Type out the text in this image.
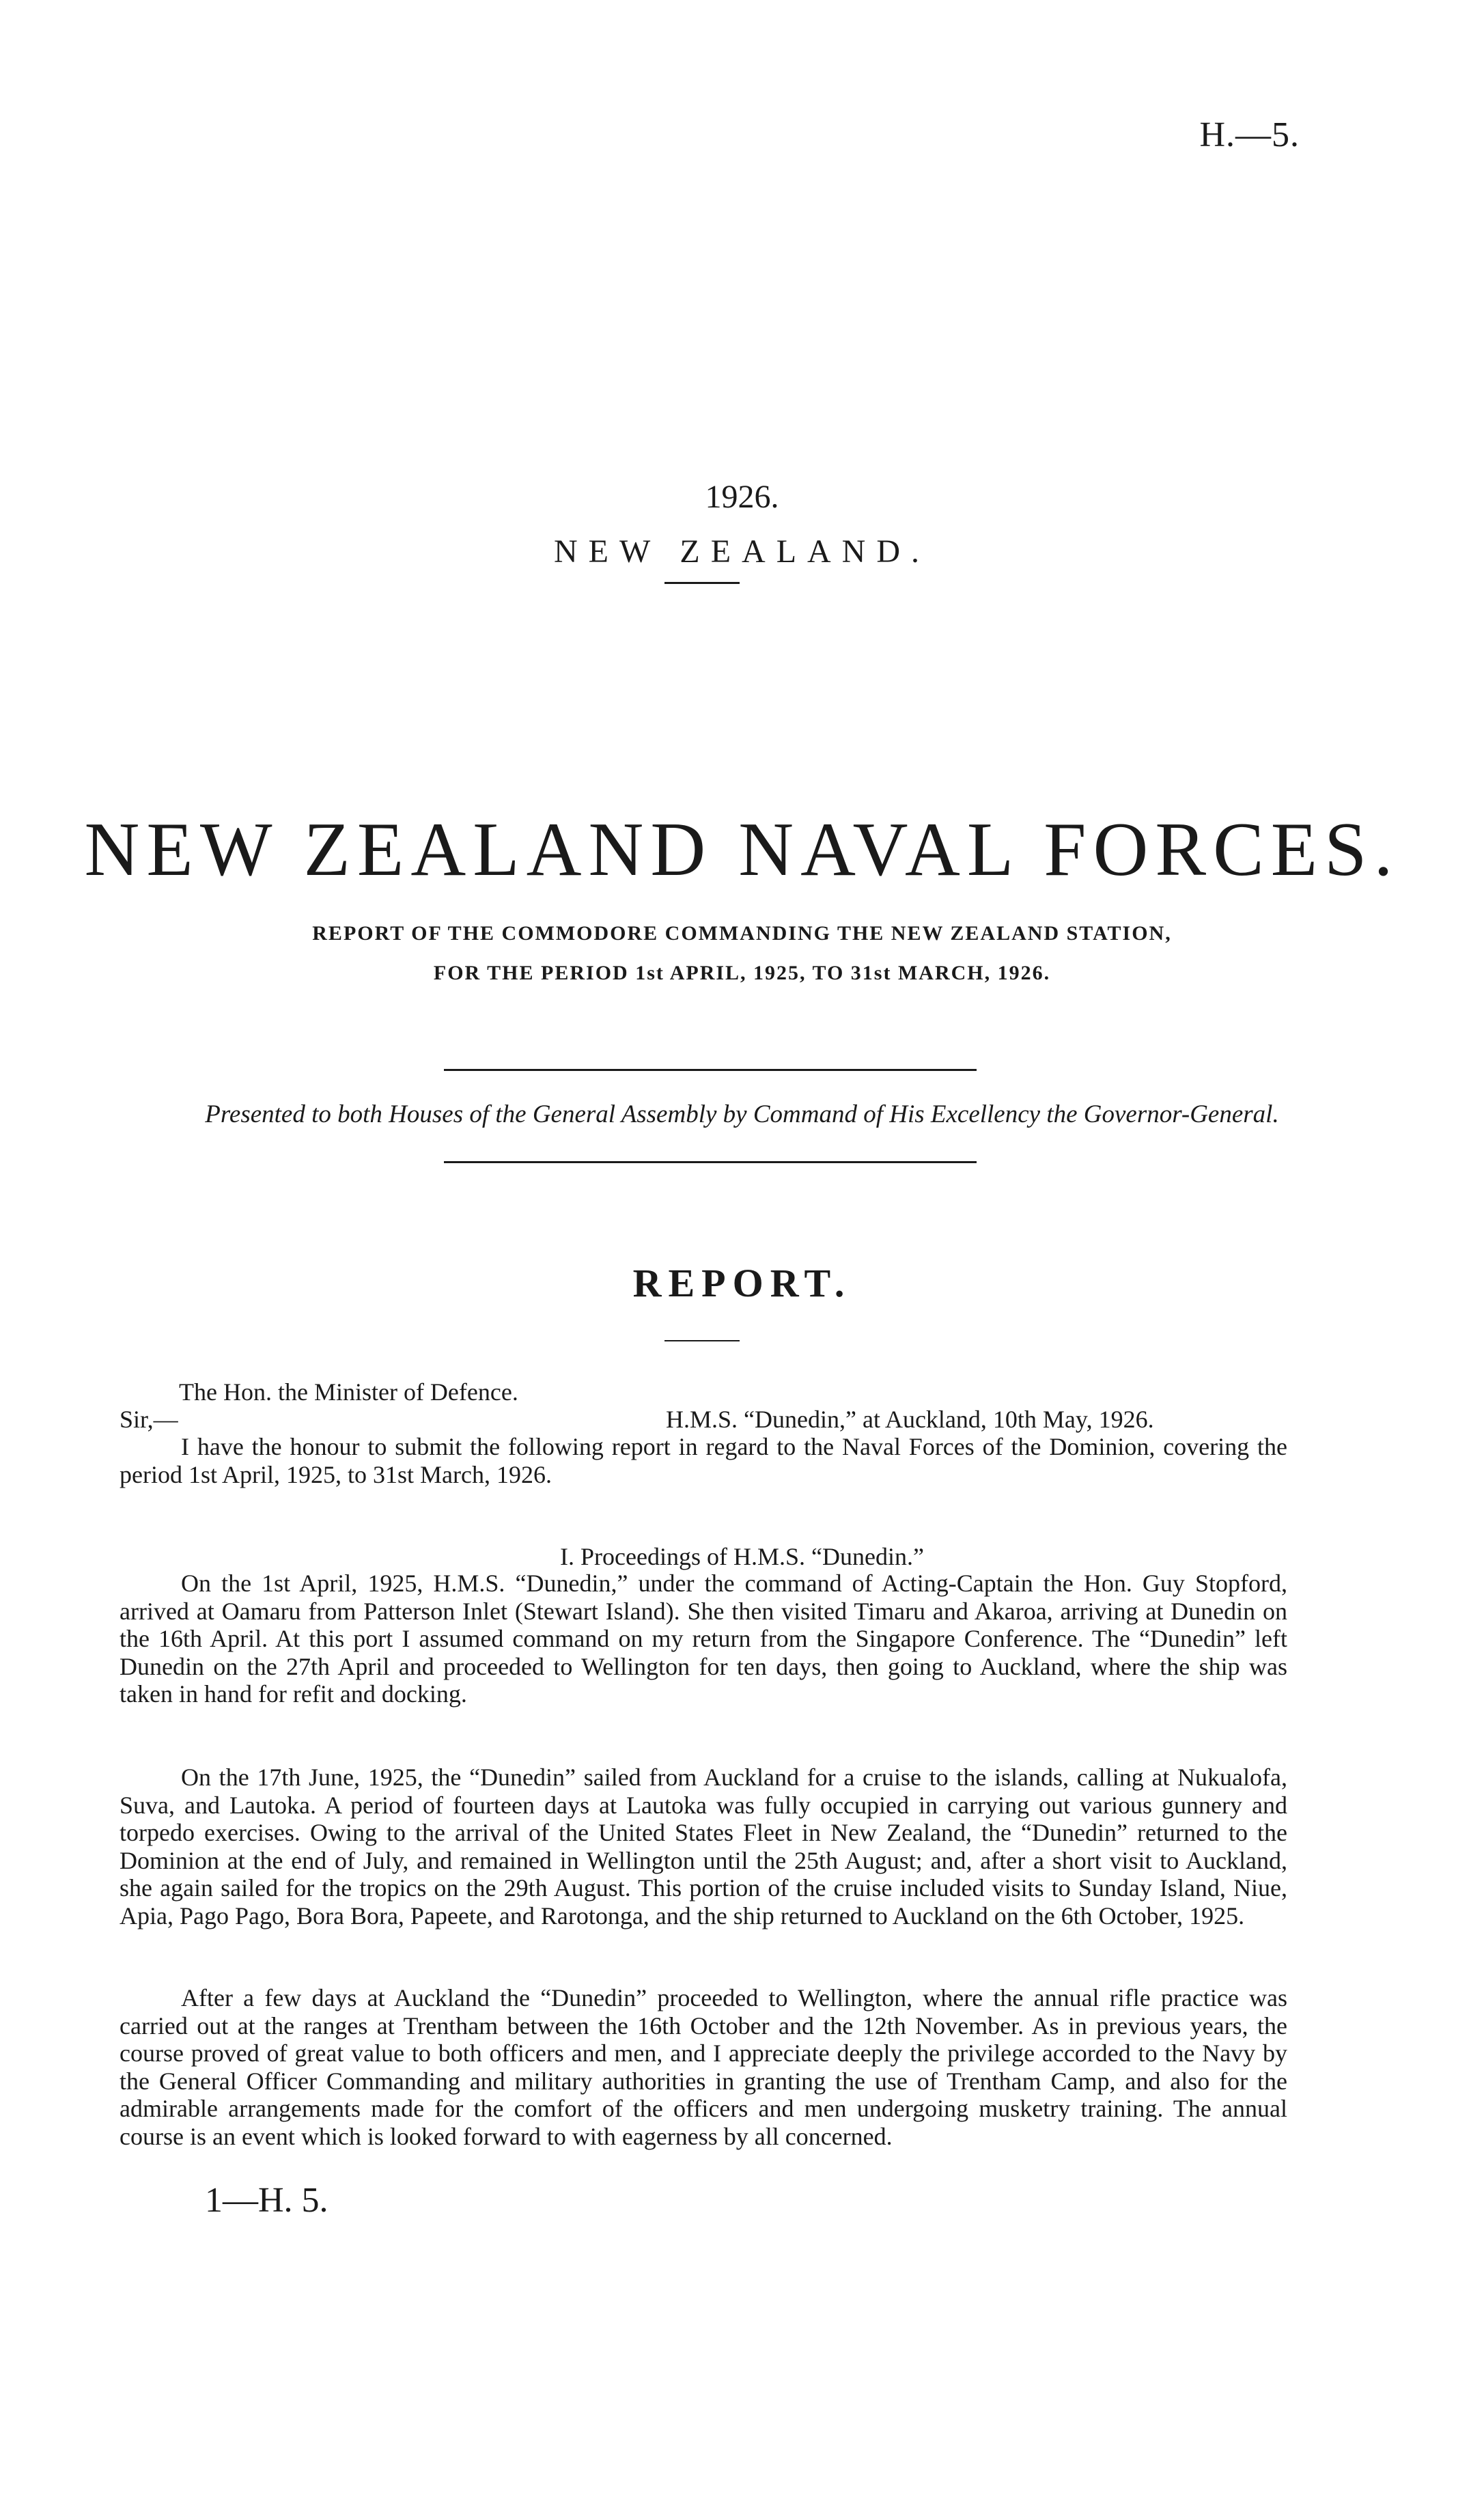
H.—5.
1926.
NEW ZEALAND.
NEW ZEALAND NAVAL FORCES.
REPORT OF THE COMMODORE COMMANDING THE NEW ZEALAND STATION,
FOR THE PERIOD 1st APRIL, 1925, TO 31st MARCH, 1926.
Presented to both Houses of the General Assembly by Command of His Excellency the Governor-General.
REPORT.
The Hon. the Minister of Defence.
Sir,—	H.M.S. “Dunedin,” at Auckland, 10th May, 1926.
I have the honour to submit the following report in regard to the Naval Forces of the Dominion, covering the period 1st April, 1925, to 31st March, 1926.
I. Proceedings of H.M.S. “Dunedin.”
On the 1st April, 1925, H.M.S. “Dunedin,” under the command of Acting-Captain the Hon. Guy Stopford, arrived at Oamaru from Patterson Inlet (Stewart Island). She then visited Timaru and Akaroa, arriving at Dunedin on the 16th April. At this port I assumed command on my return from the Singapore Conference. The “Dunedin” left Dunedin on the 27th April and proceeded to Wellington for ten days, then going to Auckland, where the ship was taken in hand for refit and docking.
On the 17th June, 1925, the “Dunedin” sailed from Auckland for a cruise to the islands, calling at Nukualofa, Suva, and Lautoka. A period of fourteen days at Lautoka was fully occupied in carrying out various gunnery and torpedo exercises. Owing to the arrival of the United States Fleet in New Zealand, the “Dunedin” returned to the Dominion at the end of July, and remained in Wellington until the 25th August; and, after a short visit to Auckland, she again sailed for the tropics on the 29th August. This portion of the cruise included visits to Sunday Island, Niue, Apia, Pago Pago, Bora Bora, Papeete, and Rarotonga, and the ship returned to Auckland on the 6th October, 1925.
After a few days at Auckland the “Dunedin” proceeded to Wellington, where the annual rifle practice was carried out at the ranges at Trentham between the 16th October and the 12th November. As in previous years, the course proved of great value to both officers and men, and I appreciate deeply the privilege accorded to the Navy by the General Officer Commanding and military authorities in granting the use of Trentham Camp, and also for the admirable arrangements made for the comfort of the officers and men undergoing musketry training. The annual course is an event which is looked forward to with eagerness by all concerned.
1—H. 5.
